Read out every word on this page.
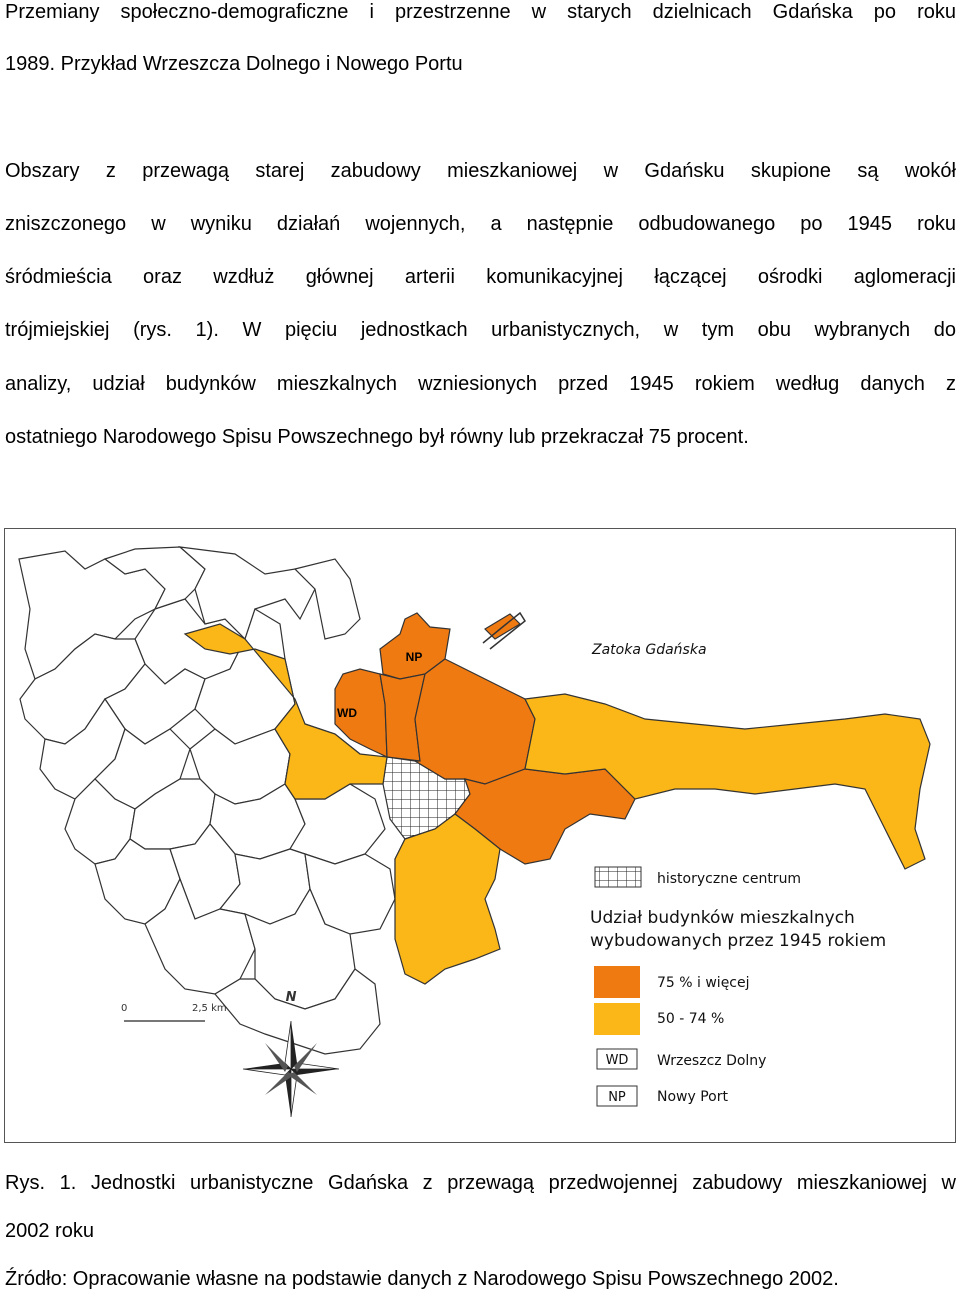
Przemiany społeczno-demograficzne i przestrzenne w starych dzielnicach Gdańska po roku
1989. Przykład Wrzeszcza Dolnego i Nowego Portu
Obszary z przewagą starej zabudowy mieszkaniowej w Gdańsku skupione są wokół
zniszczonego w wyniku działań wojennych, a następnie odbudowanego po 1945 roku
śródmieścia oraz wzdłuż głównej arterii komunikacyjnej łączącej ośrodki aglomeracji
trójmiejskiej (rys. 1). W pięciu jednostkach urbanistycznych, w tym obu wybranych do
analizy, udział budynków mieszkalnych wzniesionych przed 1945 rokiem według danych z
ostatniego Narodowego Spisu Powszechnego był równy lub przekraczał 75 procent.
NP
WD
Zatoka Gdańska
0	2,5 km
N
historyczne centrum
Udział budynków mieszkalnych
wybudowanych przez 1945 rokiem
75 % i więcej
50 - 74 %
WD Wrzeszcz Dolny
NP Nowy Port
Rys. 1. Jednostki urbanistyczne Gdańska z przewagą przedwojennej zabudowy mieszkaniowej w
2002 roku
Źródło: Opracowanie własne na podstawie danych z Narodowego Spisu Powszechnego 2002.
